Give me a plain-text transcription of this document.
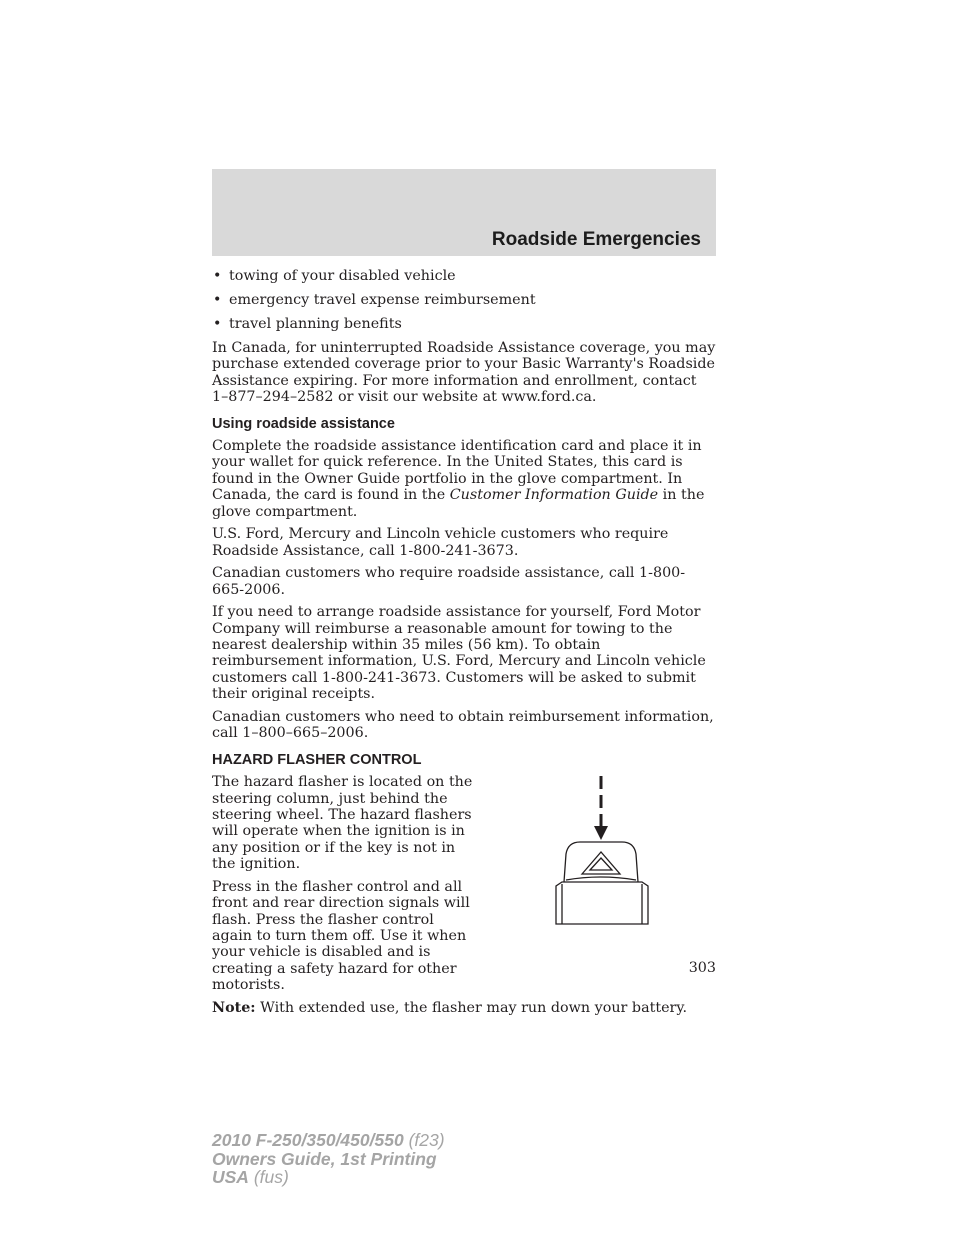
Roadside Emergencies
• towing of your disabled vehicle
• emergency travel expense reimbursement
• travel planning benefits

In Canada, for uninterrupted Roadside Assistance coverage, you may purchase extended coverage prior to your Basic Warranty's Roadside Assistance expiring. For more information and enrollment, contact 1–877–294–2582 or visit our website at www.ford.ca.

Using roadside assistance

Complete the roadside assistance identification card and place it in your wallet for quick reference. In the United States, this card is found in the Owner Guide portfolio in the glove compartment. In Canada, the card is found in the Customer Information Guide in the glove compartment.

U.S. Ford, Mercury and Lincoln vehicle customers who require Roadside Assistance, call 1-800-241-3673.

Canadian customers who require roadside assistance, call 1-800-665-2006.

If you need to arrange roadside assistance for yourself, Ford Motor Company will reimburse a reasonable amount for towing to the nearest dealership within 35 miles (56 km). To obtain reimbursement information, U.S. Ford, Mercury and Lincoln vehicle customers call 1-800-241-3673. Customers will be asked to submit their original receipts.

Canadian customers who need to obtain reimbursement information, call 1–800–665–2006.

HAZARD FLASHER CONTROL

The hazard flasher is located on the steering column, just behind the steering wheel. The hazard flashers will operate when the ignition is in any position or if the key is not in the ignition.

Press in the flasher control and all front and rear direction signals will flash. Press the flasher control again to turn them off. Use it when your vehicle is disabled and is creating a safety hazard for other motorists.

Note: With extended use, the flasher may run down your battery.

303
2010 F-250/350/450/550 (f23)
Owners Guide, 1st Printing
USA (fus)
